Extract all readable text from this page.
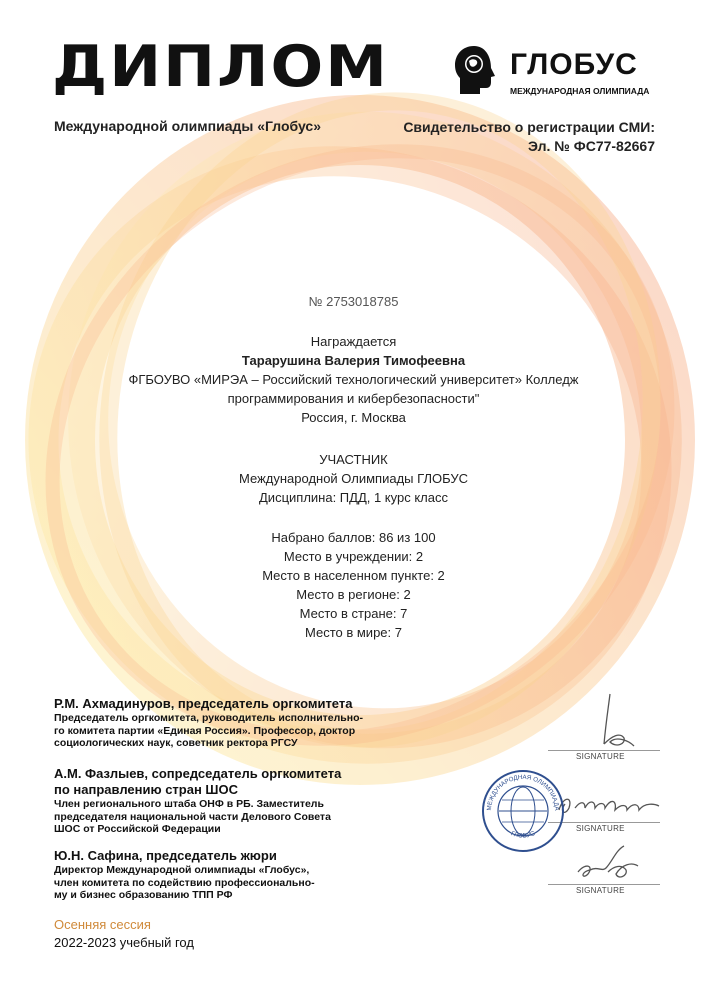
ДИПЛОМ
Международной олимпиады «Глобус»	Свидетельство о регистрации СМИ:
Эл. № ФС77-82667
ГЛОБУС
МЕЖДУНАРОДНАЯ ОЛИМПИАДА
№ 2753018785
Награждается
Тарарушина Валерия Тимофеевна
ФГБОУВО «МИРЭА – Российский технологический университет» Колледж
программирования и кибербезопасности"
Россия, г. Москва
УЧАСТНИК
Международной Олимпиады ГЛОБУС
Дисциплина: ПДД, 1 курс класс
Набрано баллов: 86 из 100
Место в учреждении: 2
Место в населенном пункте: 2
Место в регионе: 2
Место в стране: 7
Место в мире: 7
Р.М. Ахмадинуров, председатель оргкомитета
Председатель оргкомитета, руководитель исполнительно-
го комитета партии «Единая Россия». Профессор, доктор
социологических наук, советник ректора РГСУ
А.М. Фазлыев, сопредседатель оргкомитета
по направлению стран ШОС
Член регионального штаба ОНФ в РБ. Заместитель
председателя национальной части Делового Совета
ШОС от Российской Федерации
Ю.Н. Сафина, председатель жюри
Директор Международной олимпиады «Глобус»,
член комитета по содействию профессионально-
му и бизнес образованию ТПП РФ
SIGNATURE
SIGNATURE
SIGNATURE
МЕЖДУНАРОДНАЯ ОЛИМПИАДА
ГЛОБУС
Осенняя сессия
2022-2023 учебный год
